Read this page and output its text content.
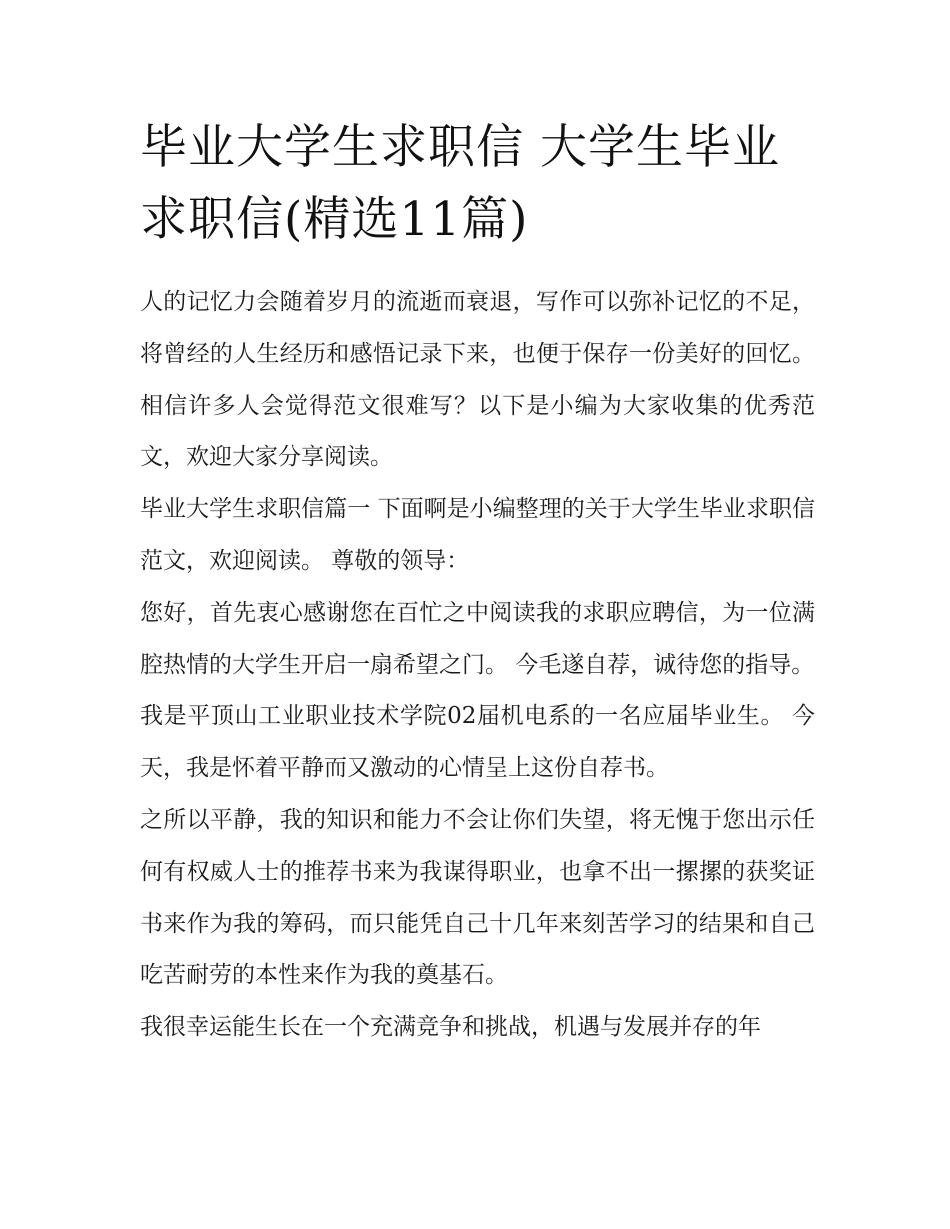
毕业大学生求职信 大学生毕业求职信(精选11篇)

人的记忆力会随着岁月的流逝而衰退，写作可以弥补记忆的不足，将曾经的人生经历和感悟记录下来，也便于保存一份美好的回忆。相信许多人会觉得范文很难写？以下是小编为大家收集的优秀范文，欢迎大家分享阅读。

毕业大学生求职信篇一 下面啊是小编整理的关于大学生毕业求职信范文，欢迎阅读。 尊敬的领导：

您好，首先衷心感谢您在百忙之中阅读我的求职应聘信，为一位满腔热情的大学生开启一扇希望之门。 今毛遂自荐，诚待您的指导。

我是平顶山工业职业技术学院02届机电系的一名应届毕业生。 今天，我是怀着平静而又激动的心情呈上这份自荐书。

之所以平静，我的知识和能力不会让你们失望，将无愧于您出示任何有权威人士的推荐书来为我谋得职业，也拿不出一摞摞的获奖证书来作为我的筹码，而只能凭自己十几年来刻苦学习的结果和自己吃苦耐劳的本性来作为我的奠基石。

我很幸运能生长在一个充满竞争和挑战，机遇与发展并存的年
